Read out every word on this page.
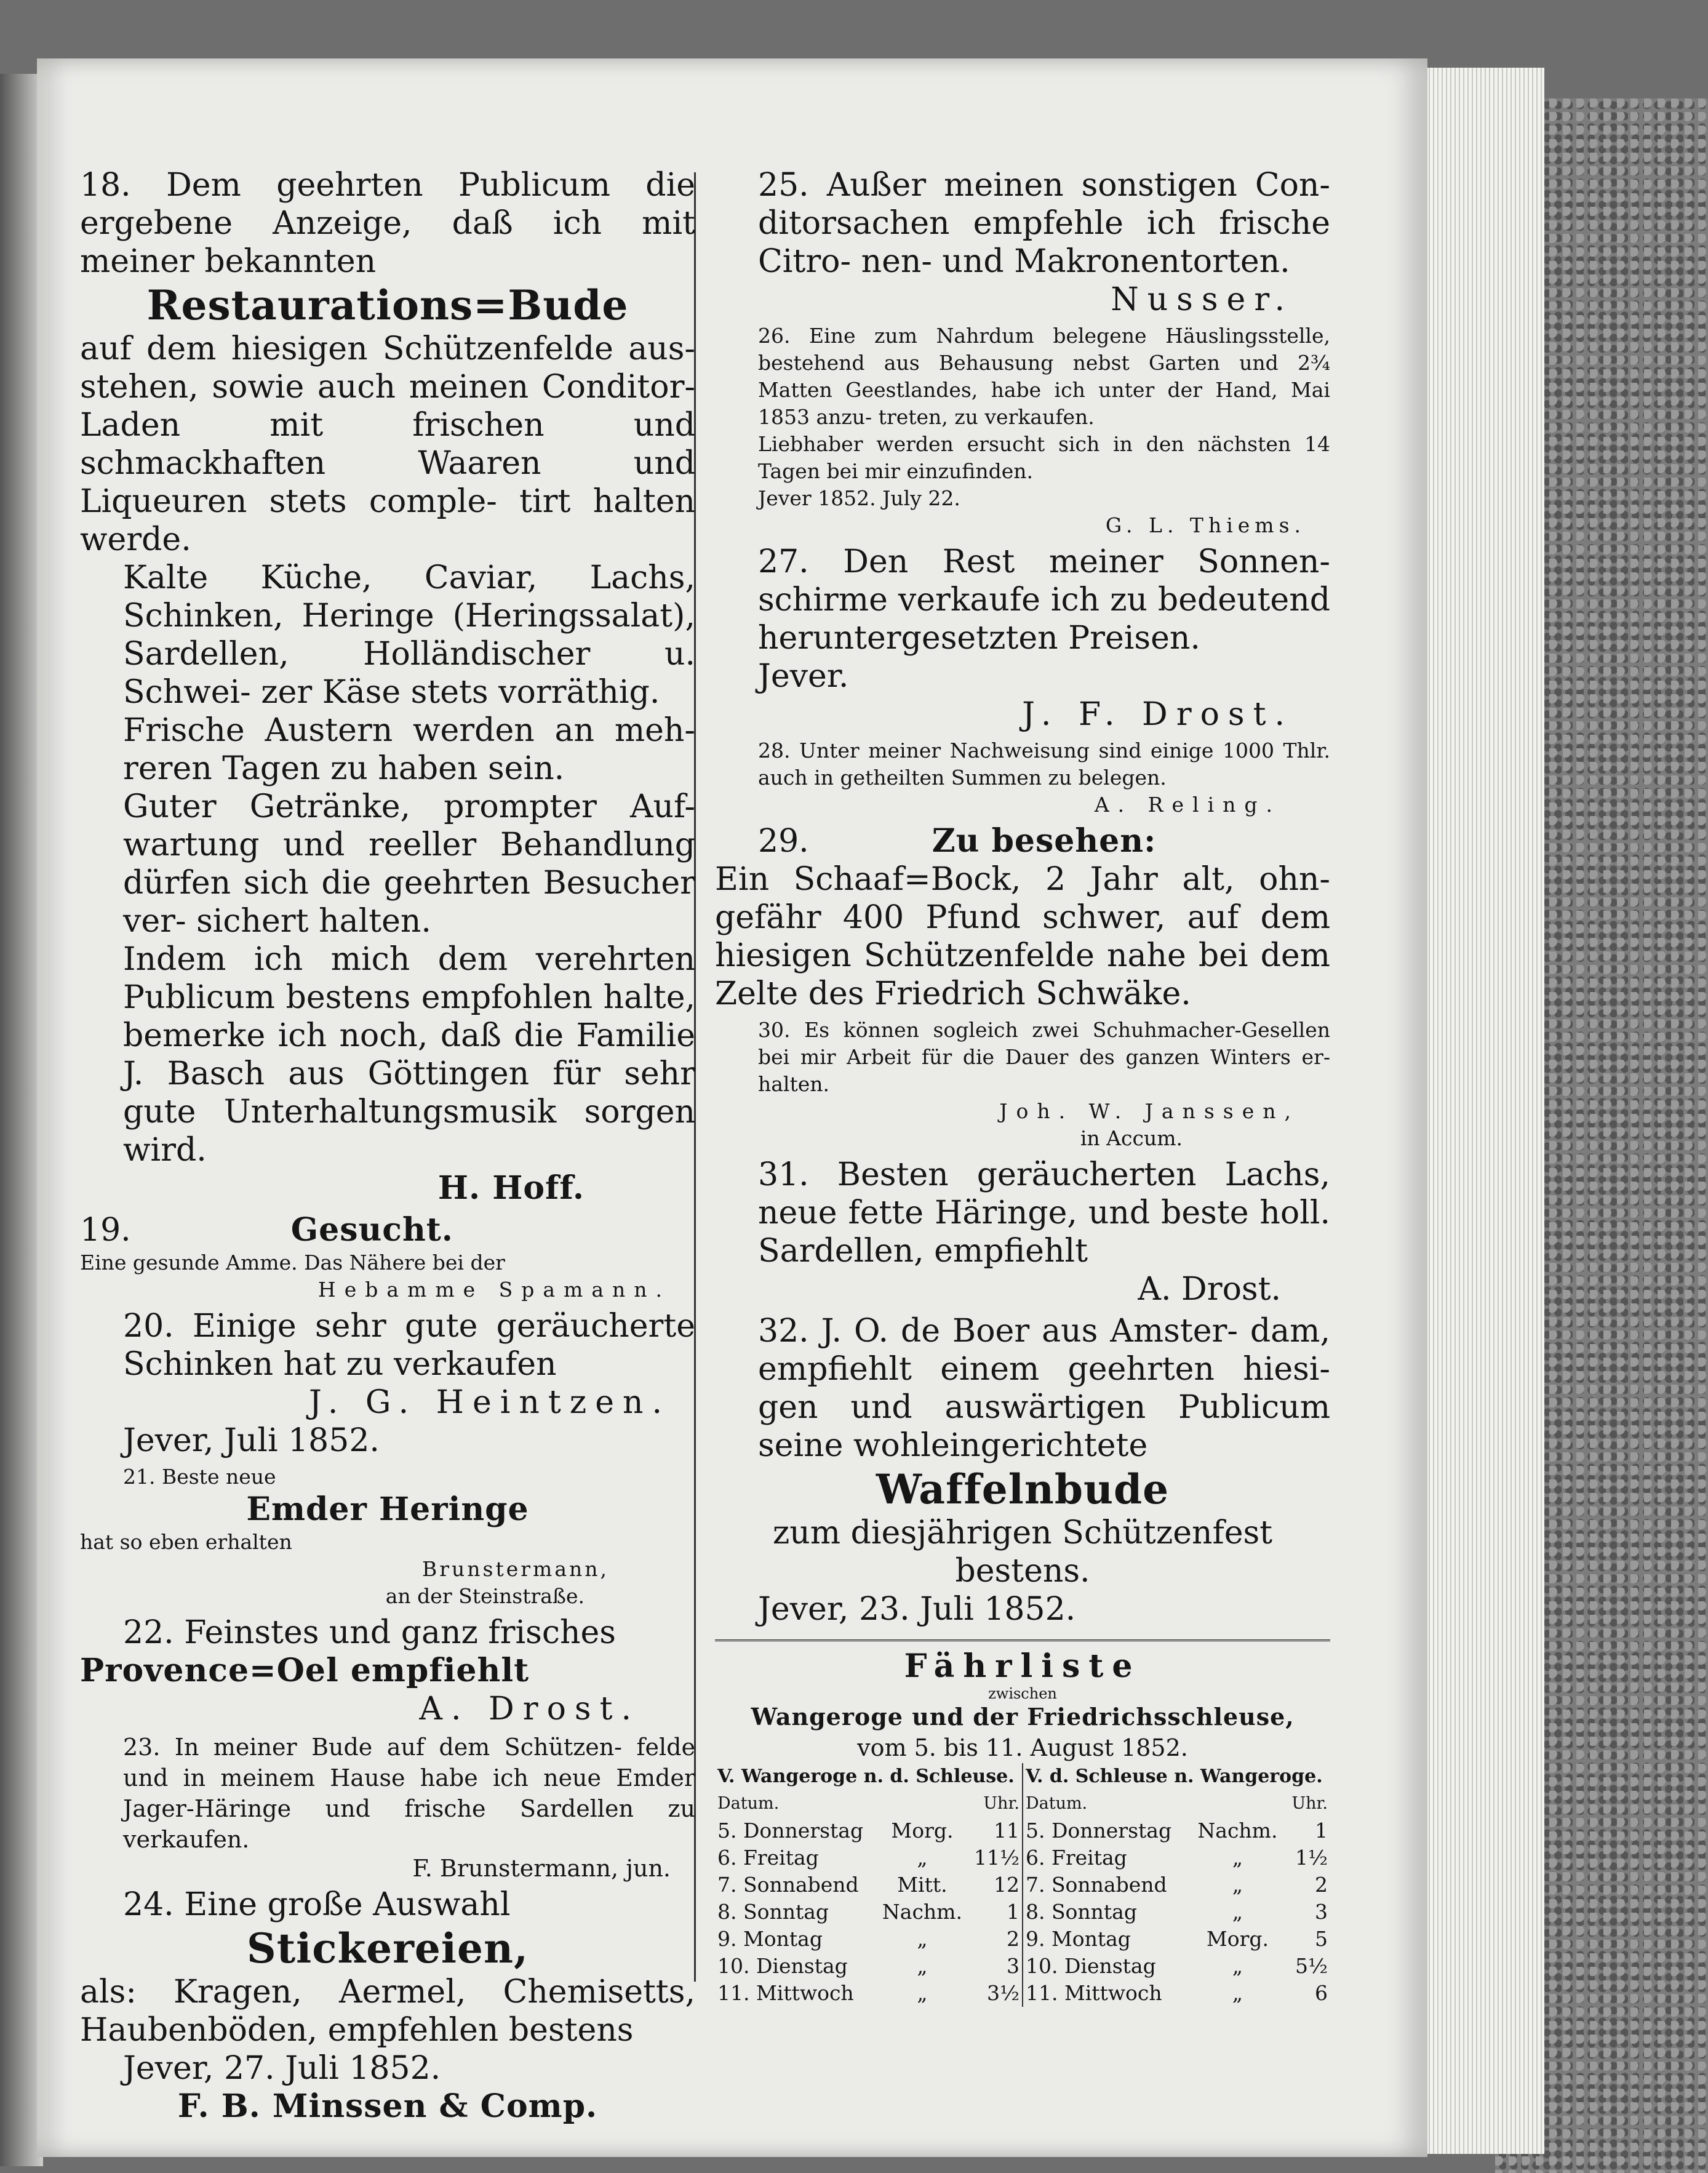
18. Dem geehrten Publicum die ergebene Anzeige, daß ich mit meiner bekannten

Restaurations=Bude

auf dem hiesigen Schützenfelde aus- stehen, sowie auch meinen Conditor- Laden mit frischen und schmackhaften Waaren und Liqueuren stets comple- tirt halten werde.

Kalte Küche, Caviar, Lachs, Schinken, Heringe (Heringssalat), Sardellen, Holländischer u. Schwei- zer Käse stets vorräthig.

Frische Austern werden an meh- reren Tagen zu haben sein.

Guter Getränke, prompter Auf- wartung und reeller Behandlung dürfen sich die geehrten Besucher ver- sichert halten.

Indem ich mich dem verehrten Publicum bestens empfohlen halte, bemerke ich noch, daß die Familie J. Basch aus Göttingen für sehr gute Unterhaltungsmusik sorgen wird.

H. Hoff.

19.	Gesucht.

Eine gesunde Amme. Das Nähere bei der

Hebamme Spamann.

20. Einige sehr gute geräucherte Schinken hat zu verkaufen

J. G. Heintzen.

Jever, Juli 1852.

21. Beste neue

Emder Heringe

hat so eben erhalten

Brunstermann,

an der Steinstraße.

22. Feinstes und ganz frisches

Provence=Oel empfiehlt

A. Drost.

23. In meiner Bude auf dem Schützen- felde und in meinem Hause habe ich neue Emder Jager-Häringe und frische Sardellen zu verkaufen.

F. Brunstermann, jun.

24. Eine große Auswahl

Stickereien,

als: Kragen, Aermel, Chemisetts, Haubenböden, empfehlen bestens

Jever, 27. Juli 1852.

F. B. Minssen & Comp.

25. Außer meinen sonstigen Con- ditorsachen empfehle ich frische Citro- nen- und Makronentorten.

Nusser.

26. Eine zum Nahrdum belegene Häuslingsstelle, bestehend aus Behausung nebst Garten und 2¾ Matten Geestlandes, habe ich unter der Hand, Mai 1853 anzu- treten, zu verkaufen.

Liebhaber werden ersucht sich in den nächsten 14 Tagen bei mir einzufinden.

Jever 1852. July 22.

G. L. Thiems.

27. Den Rest meiner Sonnen- schirme verkaufe ich zu bedeutend heruntergesetzten Preisen.

Jever.

J. F. Drost.

28. Unter meiner Nachweisung sind einige 1000 Thlr. auch in getheilten Summen zu belegen.

A. Reling.

29.	Zu besehen:

Ein Schaaf=Bock, 2 Jahr alt, ohn- gefähr 400 Pfund schwer, auf dem hiesigen Schützenfelde nahe bei dem Zelte des Friedrich Schwäke.

30. Es können sogleich zwei Schuhmacher-Gesellen bei mir Arbeit für die Dauer des ganzen Winters er- halten.

Joh. W. Janssen,

in Accum.

31. Besten geräucherten Lachs, neue fette Häringe, und beste holl. Sardellen, empfiehlt

A. Drost.

32. J. O. de Boer aus Amster- dam, empfiehlt einem geehrten hiesi- gen und auswärtigen Publicum seine wohleingerichtete

Waffelnbude

zum diesjährigen Schützenfest bestens.

Jever, 23. Juli 1852.

Fährliste

zwischen

Wangeroge und der Friedrichsschleuse,

vom 5. bis 11. August 1852.

V. Wangeroge n. d. Schleuse.			V. d. Schleuse n. Wangeroge.		
Datum.		Uhr.	Datum.		Uhr.
5. Donnerstag	Morg.	11	5. Donnerstag	Nachm.	1
6. Freitag	„	11½	6. Freitag	„	1½
7. Sonnabend	Mitt.	12	7. Sonnabend	„	2
8. Sonntag	Nachm.	1	8. Sonntag	„	3
9. Montag	„	2	9. Montag	Morg.	5
10. Dienstag	„	3	10. Dienstag	„	5½
11. Mittwoch	„	3½	11. Mittwoch	„	6
